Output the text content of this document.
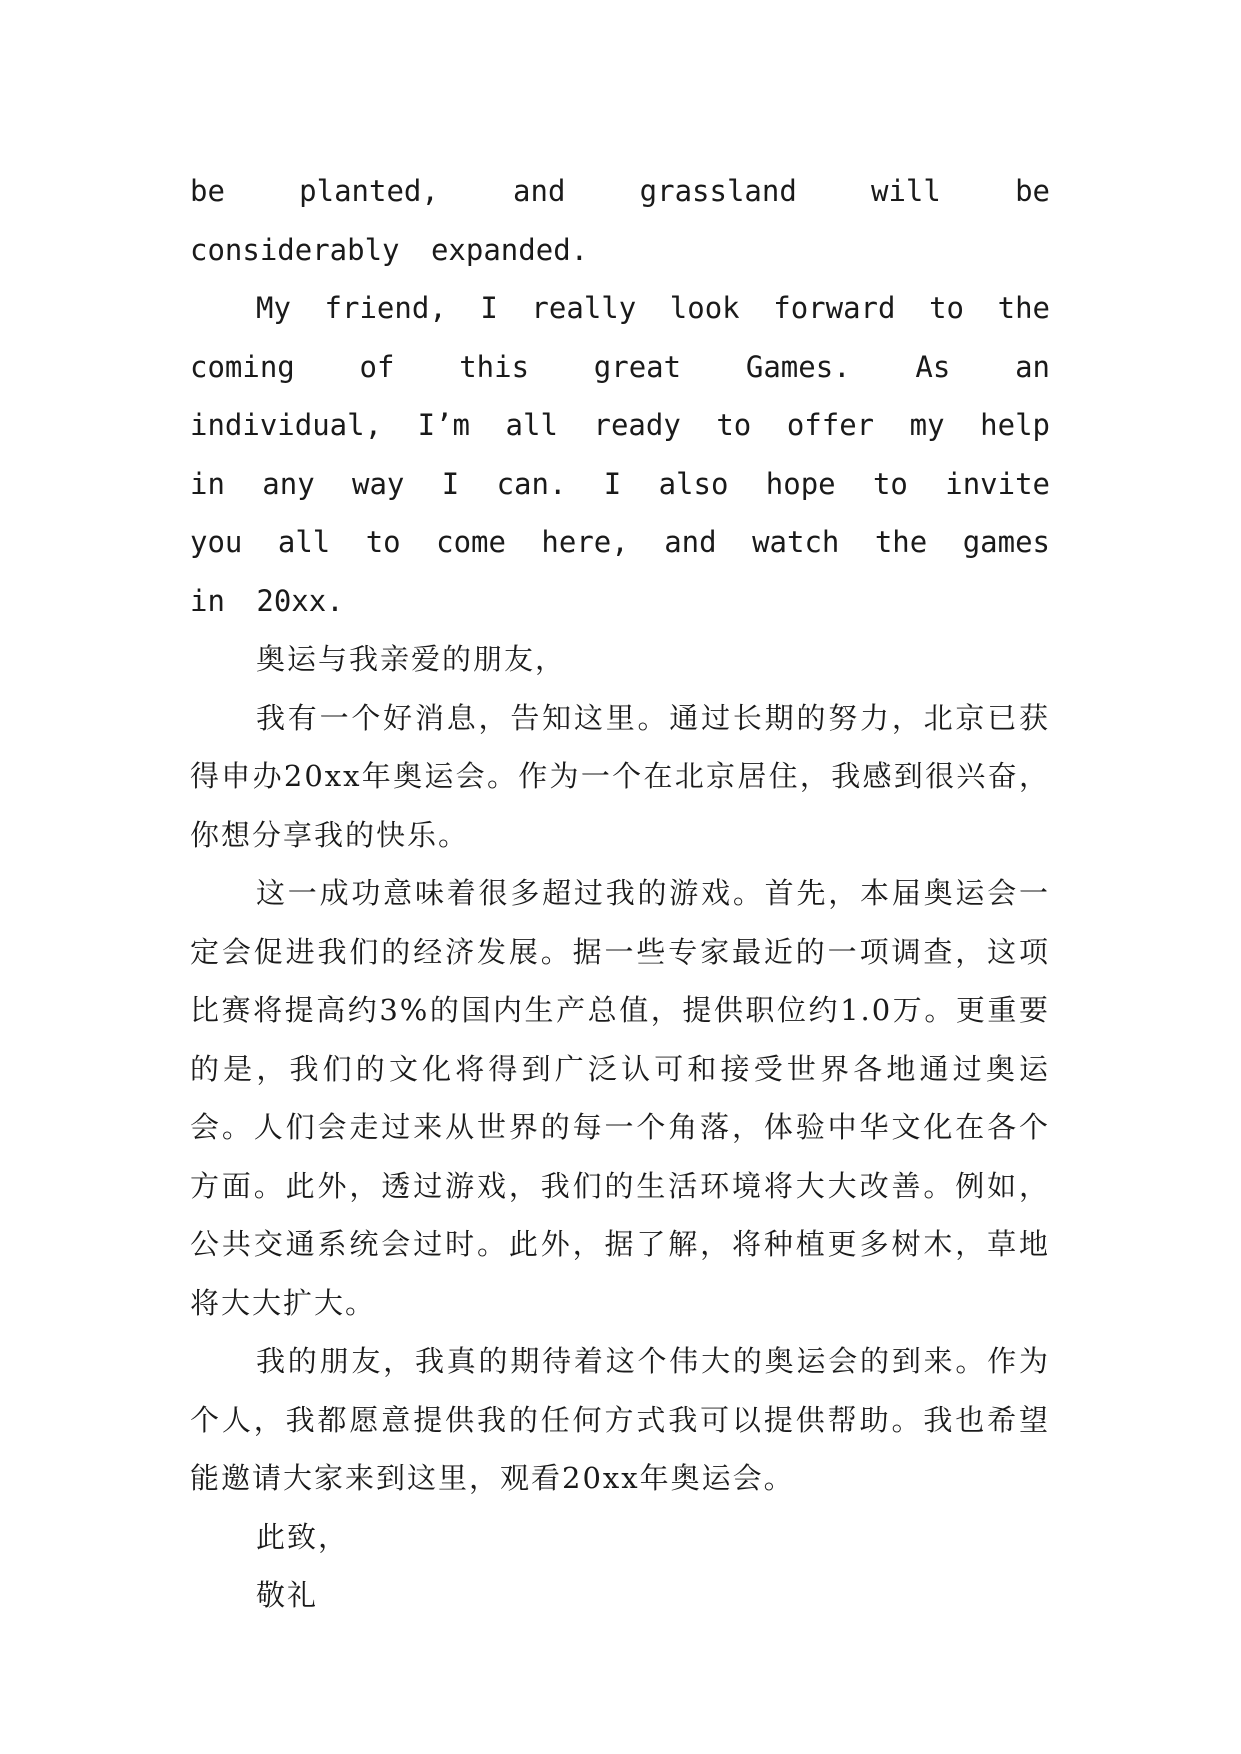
be planted, and grassland will be considerably expanded.

My friend, I really look forward to the coming of this great Games. As an individual, I’m all ready to offer my help in any way I can. I also hope to invite you all to come here, and watch the games in 20xx.

奥运与我亲爱的朋友，

我有一个好消息，告知这里。通过长期的努力，北京已获得申办20xx年奥运会。作为一个在北京居住，我感到很兴奋，你想分享我的快乐。

这一成功意味着很多超过我的游戏。首先，本届奥运会一定会促进我们的经济发展。据一些专家最近的一项调查，这项比赛将提高约3%的国内生产总值，提供职位约1.0万。更重要的是，我们的文化将得到广泛认可和接受世界各地通过奥运会。人们会走过来从世界的每一个角落，体验中华文化在各个方面。此外，透过游戏，我们的生活环境将大大改善。例如，公共交通系统会过时。此外，据了解，将种植更多树木，草地将大大扩大。

我的朋友，我真的期待着这个伟大的奥运会的到来。作为个人，我都愿意提供我的任何方式我可以提供帮助。我也希望能邀请大家来到这里，观看20xx年奥运会。

此致，

敬礼
